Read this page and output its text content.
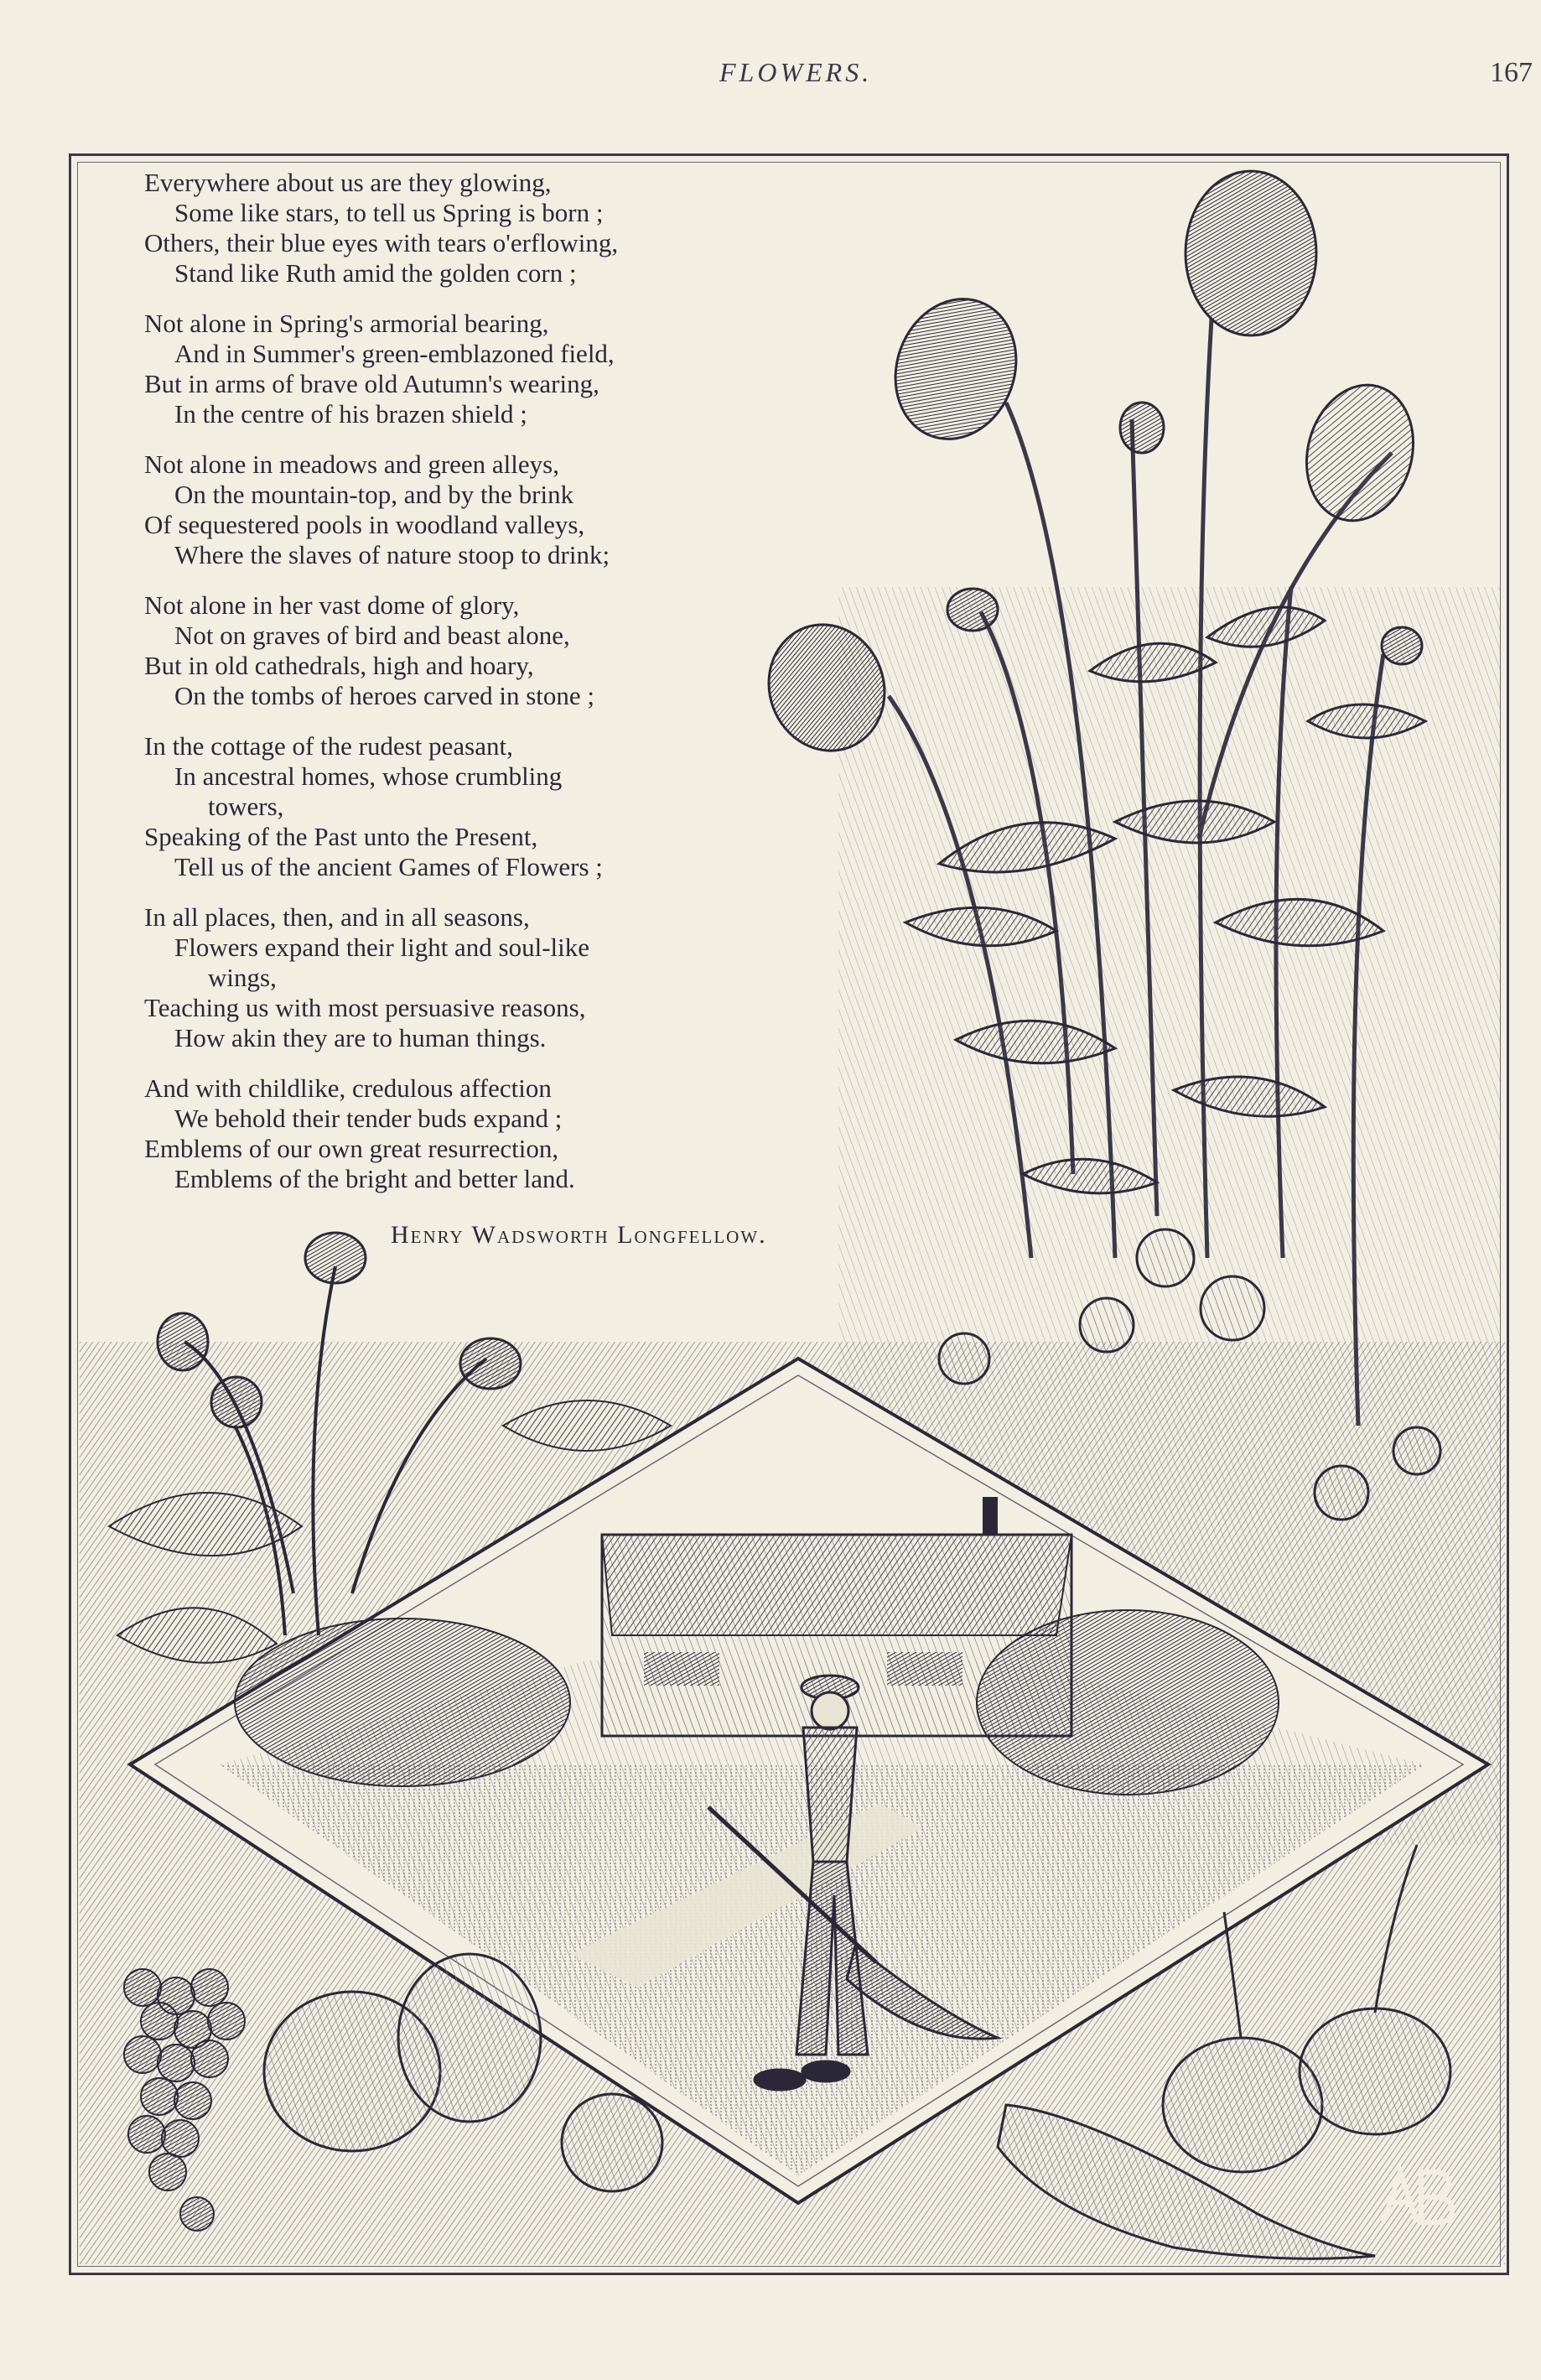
FLOWERS.	167
Everywhere about us are they glowing,
Some like stars, to tell us Spring is born ;
Others, their blue eyes with tears o'erflowing,
Stand like Ruth amid the golden corn ;
Not alone in Spring's armorial bearing,
And in Summer's green-emblazoned field,
But in arms of brave old Autumn's wearing,
In the centre of his brazen shield ;
Not alone in meadows and green alleys,
On the mountain-top, and by the brink
Of sequestered pools in woodland valleys,
Where the slaves of nature stoop to drink;
Not alone in her vast dome of glory,
Not on graves of bird and beast alone,
But in old cathedrals, high and hoary,
On the tombs of heroes carved in stone ;
In the cottage of the rudest peasant,
In ancestral homes, whose crumbling
towers,
Speaking of the Past unto the Present,
Tell us of the ancient Games of Flowers ;
In all places, then, and in all seasons,
Flowers expand their light and soul-like
wings,
Teaching us with most persuasive reasons,
How akin they are to human things.
And with childlike, credulous affection
We behold their tender buds expand ;
Emblems of our own great resurrection,
Emblems of the bright and better land.
Henry Wadsworth Longfellow.
